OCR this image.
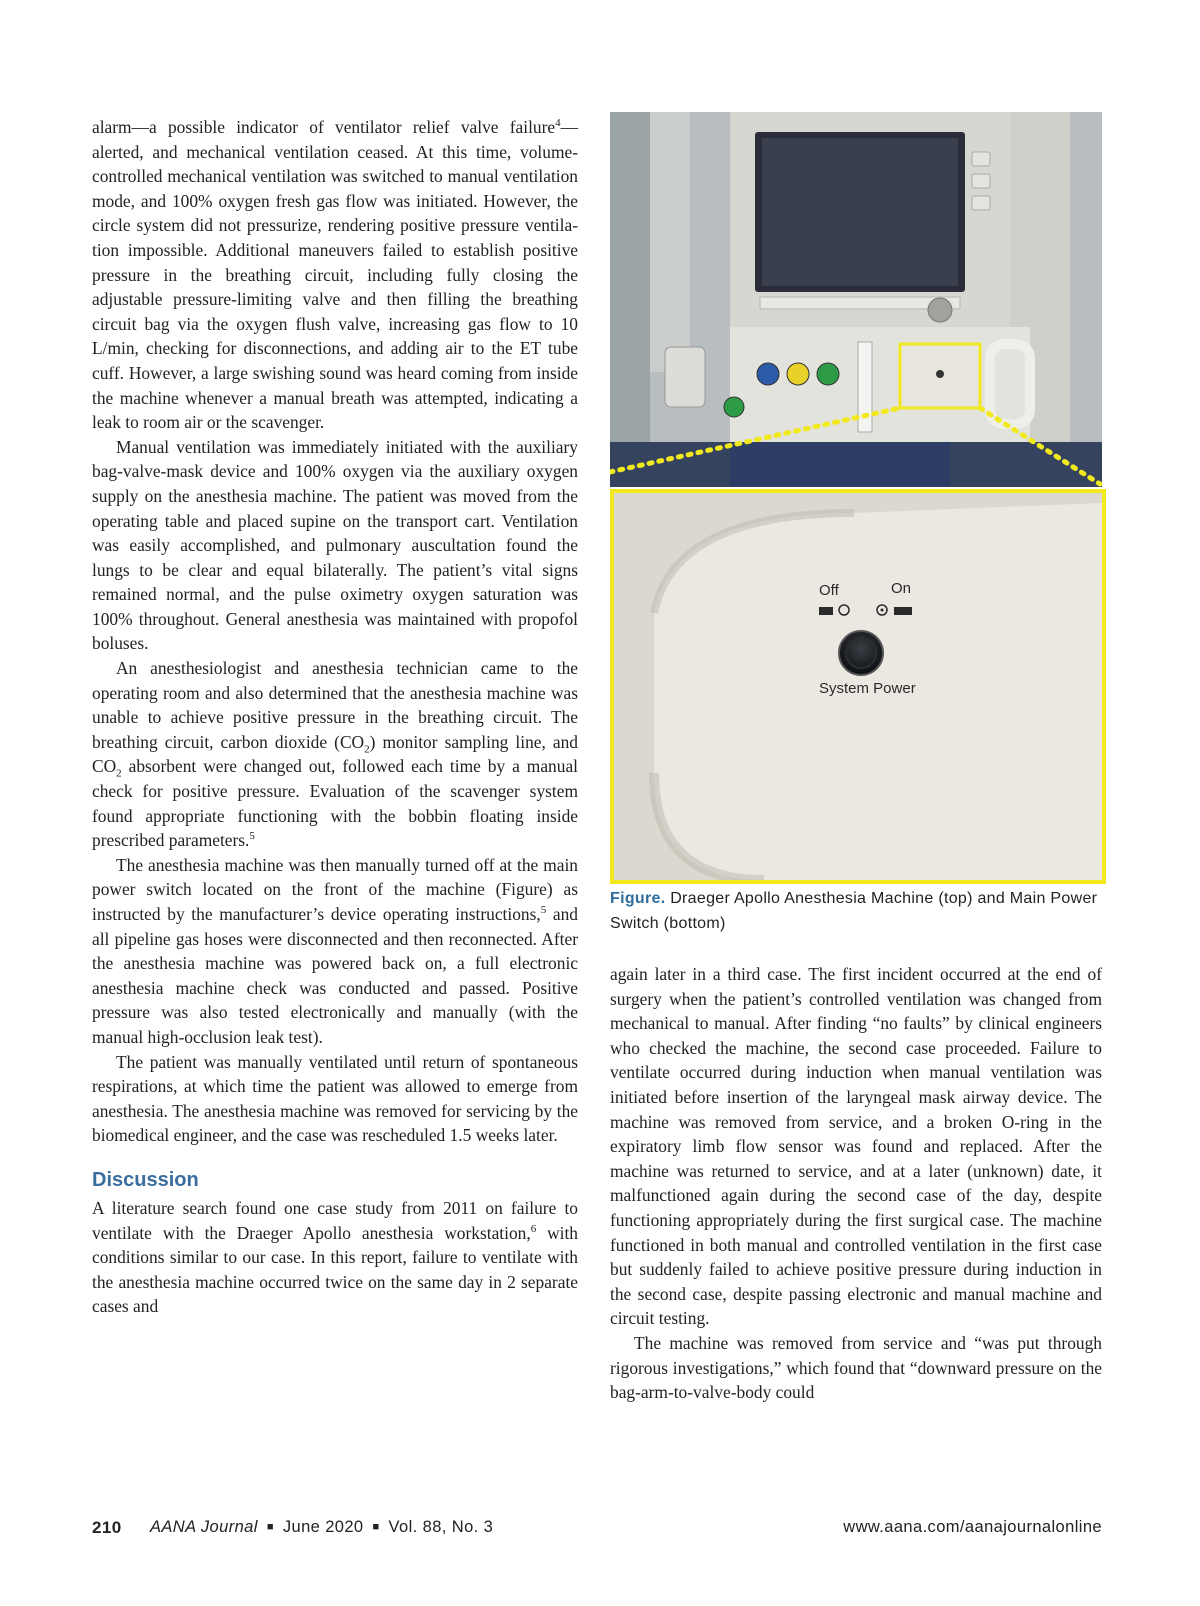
alarm—a possible indicator of ventilator relief valve failure$^4$—alerted, and mechanical ventilation ceased. At this time, volume-controlled mechanical ventilation was switched to manual ventilation mode, and 100% oxygen fresh gas flow was initiated. However, the circle system did not pressurize, rendering positive pressure ventilation impossible. Additional maneuvers failed to establish positive pressure in the breathing circuit, including fully closing the adjustable pressure-limiting valve and then filling the breathing circuit bag via the oxygen flush valve, increasing gas flow to 10 L/min, checking for disconnections, and adding air to the ET tube cuff. However, a large swishing sound was heard coming from inside the machine whenever a manual breath was attempted, indicating a leak to room air or the scavenger.

Manual ventilation was immediately initiated with the auxiliary bag-valve-mask device and 100% oxygen via the auxiliary oxygen supply on the anesthesia machine. The patient was moved from the operating table and placed supine on the transport cart. Ventilation was easily accomplished, and pulmonary auscultation found the lungs to be clear and equal bilaterally. The patient’s vital signs remained normal, and the pulse oximetry oxygen saturation was 100% throughout. General anesthesia was maintained with propofol boluses.

An anesthesiologist and anesthesia technician came to the operating room and also determined that the anesthesia machine was unable to achieve positive pressure in the breathing circuit. The breathing circuit, carbon dioxide $(CO_2)$ monitor sampling line, and $CO_2$ absorbent were changed out, followed each time by a manual check for positive pressure. Evaluation of the scavenger system found appropriate functioning with the bobbin floating inside prescribed parameters.$^5$

The anesthesia machine was then manually turned off at the main power switch located on the front of the machine (Figure) as instructed by the manufacturer’s device operating instructions,$^5$ and all pipeline gas hoses were disconnected and then reconnected. After the anesthesia machine was powered back on, a full electronic anesthesia machine check was conducted and passed. Positive pressure was also tested electronically and manually (with the manual high-occlusion leak test).

The patient was manually ventilated until return of spontaneous respirations, at which time the patient was allowed to emerge from anesthesia. The anesthesia machine was removed for servicing by the biomedical engineer, and the case was rescheduled 1.5 weeks later.

Discussion

A literature search found one case study from 2011 on failure to ventilate with the Draeger Apollo anesthesia workstation,$^6$ with conditions similar to our case. In this report, failure to ventilate with the anesthesia machine occurred twice on the same day in 2 separate cases and

Off	On
System Power
Figure. Draeger Apollo Anesthesia Machine (top) and Main Power Switch (bottom)

again later in a third case. The first incident occurred at the end of surgery when the patient’s controlled ventilation was changed from mechanical to manual. After finding “no faults” by clinical engineers who checked the machine, the second case proceeded. Failure to ventilate occurred during induction when manual ventilation was initiated before insertion of the laryngeal mask airway device. The machine was removed from service, and a broken O-ring in the expiratory limb flow sensor was found and replaced. After the machine was returned to service, and at a later (unknown) date, it malfunctioned again during the second case of the day, despite functioning appropriately during the first surgical case. The machine functioned in both manual and controlled ventilation in the first case but suddenly failed to achieve positive pressure during induction in the second case, despite passing electronic and manual machine and circuit testing.

The machine was removed from service and “was put through rigorous investigations,” which found that “downward pressure on the bag-arm-to-valve-body could

210 AANA Journal ■ June 2020 ■ Vol. 88, No. 3	www.aana.com/aanajournalonline
